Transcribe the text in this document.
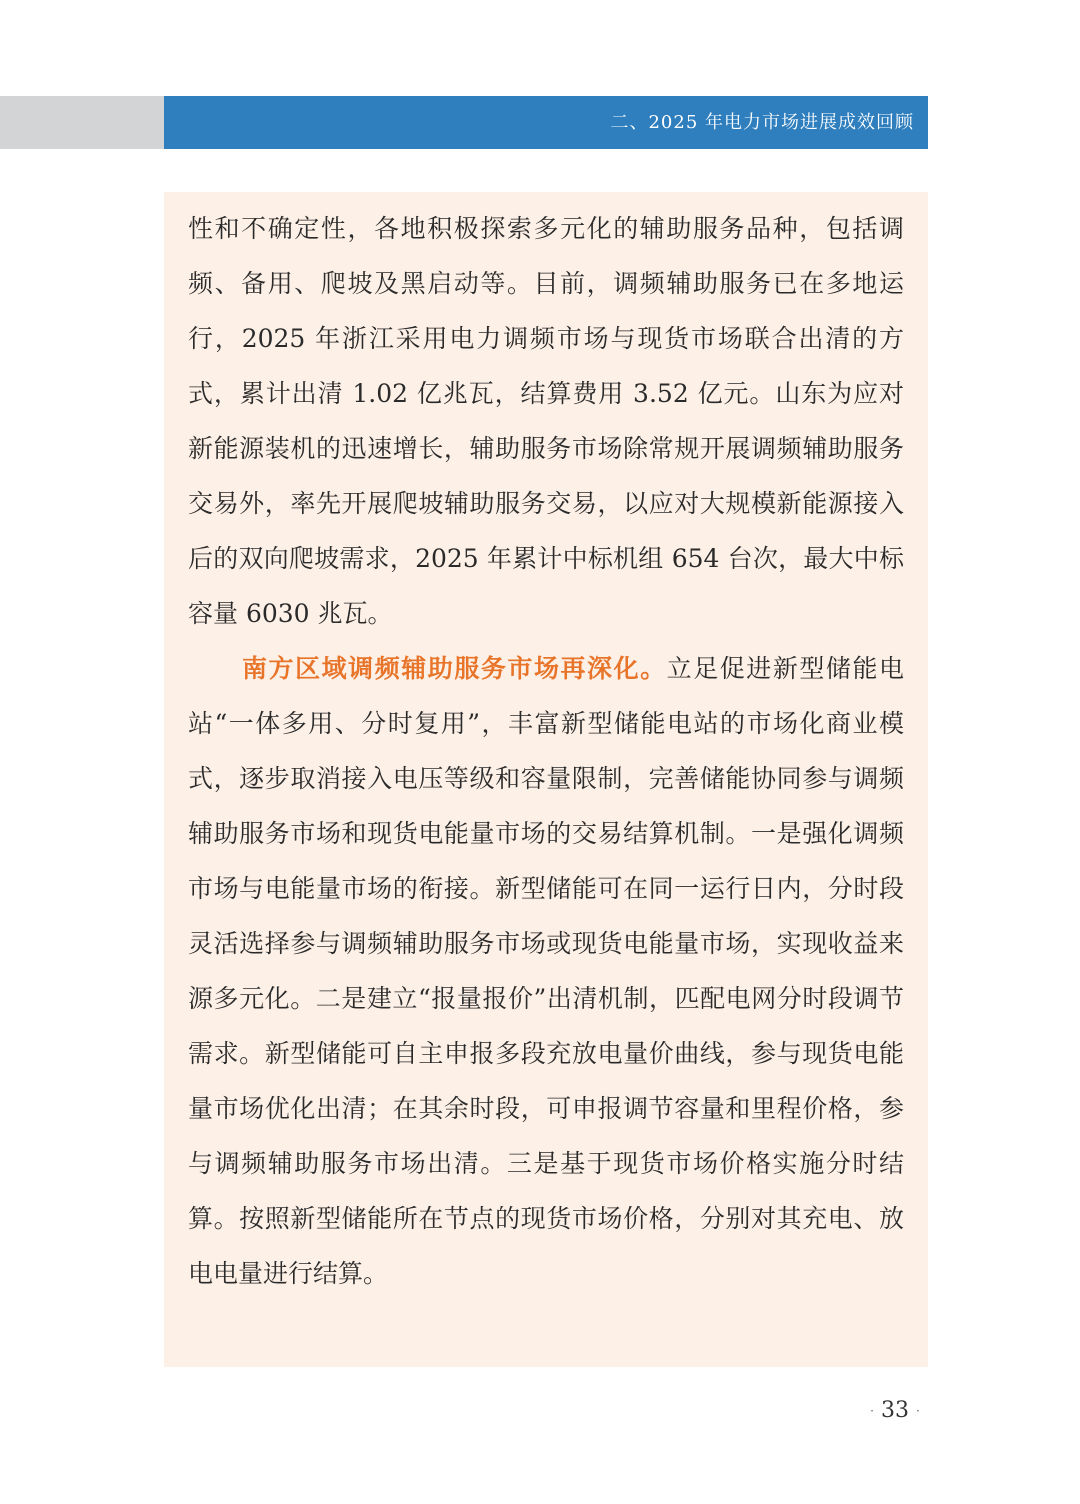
二、2025 年电力市场进展成效回顾

性和不确定性，各地积极探索多元化的辅助服务品种，包括调频、备用、爬坡及黑启动等。目前，调频辅助服务已在多地运行，2025 年浙江采用电力调频市场与现货市场联合出清的方式，累计出清 1.02 亿兆瓦，结算费用 3.52 亿元。山东为应对新能源装机的迅速增长，辅助服务市场除常规开展调频辅助服务交易外，率先开展爬坡辅助服务交易，以应对大规模新能源接入后的双向爬坡需求，2025 年累计中标机组 654 台次，最大中标容量 6030 兆瓦。

南方区域调频辅助服务市场再深化。立足促进新型储能电站“一体多用、分时复用”，丰富新型储能电站的市场化商业模式，逐步取消接入电压等级和容量限制，完善储能协同参与调频辅助服务市场和现货电能量市场的交易结算机制。一是强化调频市场与电能量市场的衔接。新型储能可在同一运行日内，分时段灵活选择参与调频辅助服务市场或现货电能量市场，实现收益来源多元化。二是建立“报量报价”出清机制，匹配电网分时段调节需求。新型储能可自主申报多段充放电量价曲线，参与现货电能量市场优化出清；在其余时段，可申报调节容量和里程价格，参与调频辅助服务市场出清。三是基于现货市场价格实施分时结算。按照新型储能所在节点的现货市场价格，分别对其充电、放电电量进行结算。

· 33 ·
